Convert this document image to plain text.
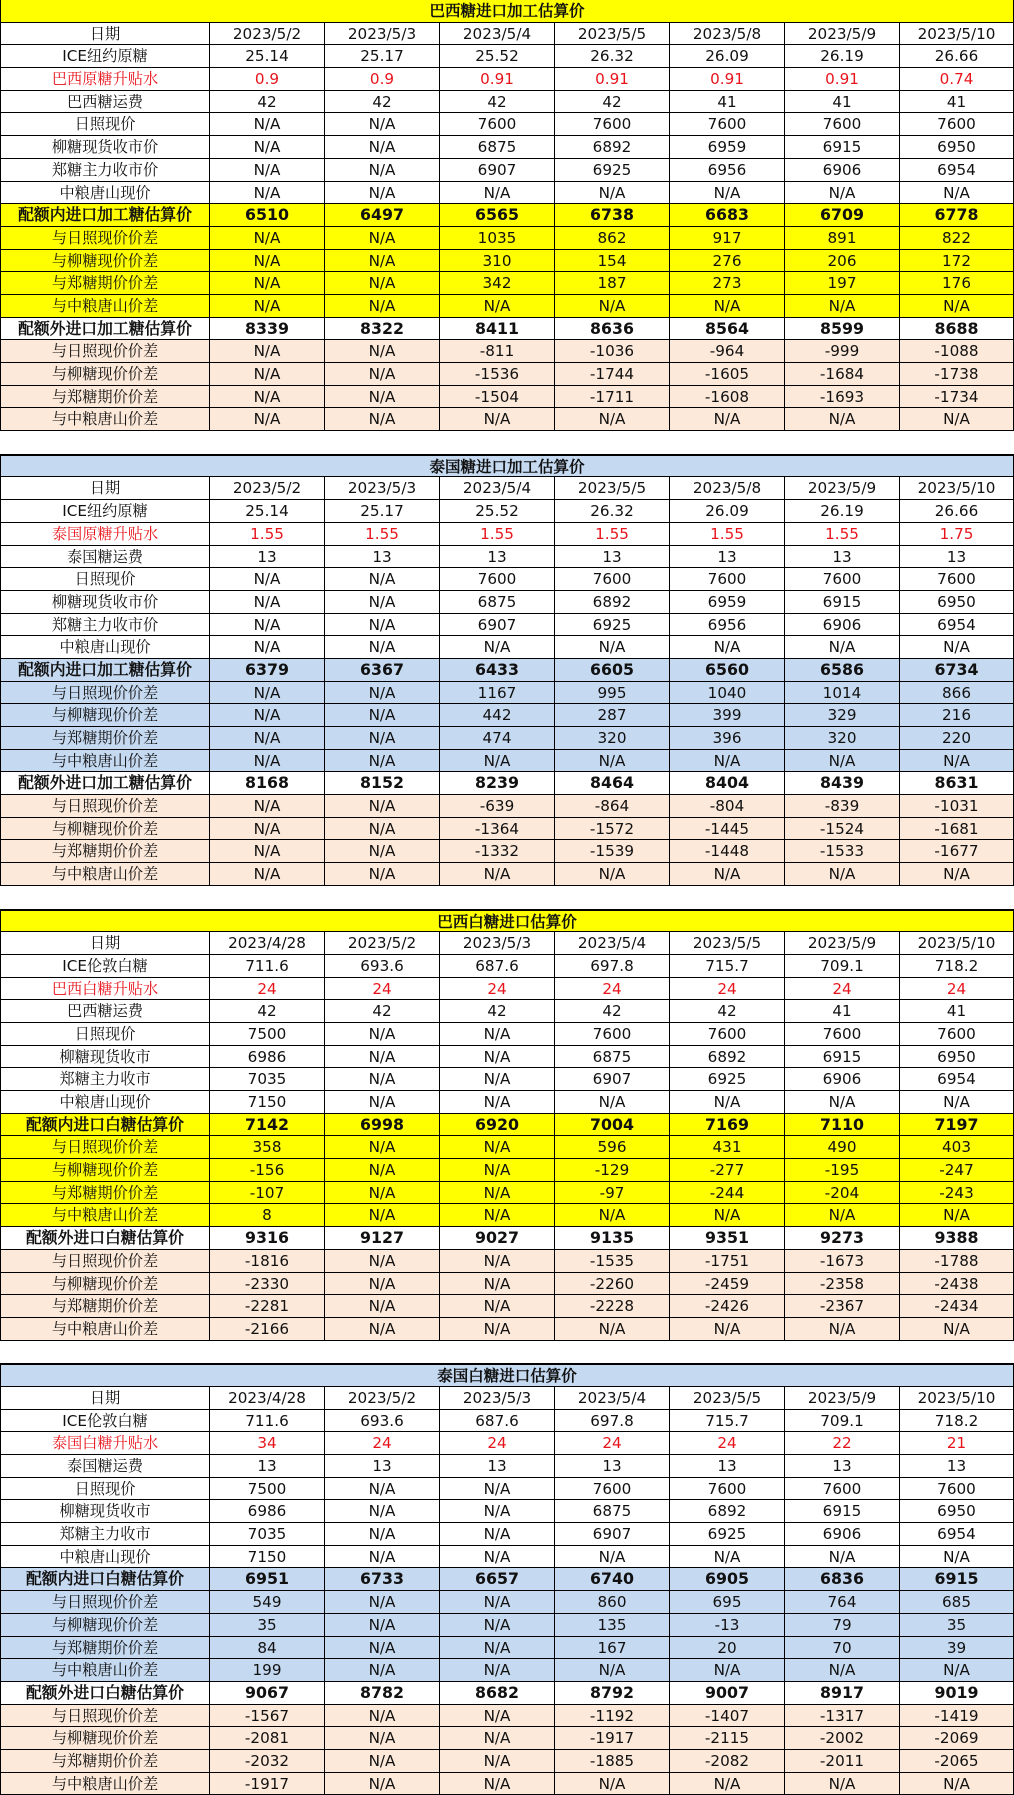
巴西糖进口加工估算价
日期	2023/5/2	2023/5/3	2023/5/4	2023/5/5	2023/5/8	2023/5/9	2023/5/10
ICE纽约原糖	25.14	25.17	25.52	26.32	26.09	26.19	26.66
巴西原糖升贴水	0.9	0.9	0.91	0.91	0.91	0.91	0.74
巴西糖运费	42	42	42	42	41	41	41
日照现价	N/A	N/A	7600	7600	7600	7600	7600
柳糖现货收市价	N/A	N/A	6875	6892	6959	6915	6950
郑糖主力收市价	N/A	N/A	6907	6925	6956	6906	6954
中粮唐山现价	N/A	N/A	N/A	N/A	N/A	N/A	N/A
配额内进口加工糖估算价	6510	6497	6565	6738	6683	6709	6778
与日照现价价差	N/A	N/A	1035	862	917	891	822
与柳糖现价价差	N/A	N/A	310	154	276	206	172
与郑糖期价价差	N/A	N/A	342	187	273	197	176
与中粮唐山价差	N/A	N/A	N/A	N/A	N/A	N/A	N/A
配额外进口加工糖估算价	8339	8322	8411	8636	8564	8599	8688
与日照现价价差	N/A	N/A	-811	-1036	-964	-999	-1088
与柳糖现价价差	N/A	N/A	-1536	-1744	-1605	-1684	-1738
与郑糖期价价差	N/A	N/A	-1504	-1711	-1608	-1693	-1734
与中粮唐山价差	N/A	N/A	N/A	N/A	N/A	N/A	N/A
泰国糖进口加工估算价
日期	2023/5/2	2023/5/3	2023/5/4	2023/5/5	2023/5/8	2023/5/9	2023/5/10
ICE纽约原糖	25.14	25.17	25.52	26.32	26.09	26.19	26.66
泰国原糖升贴水	1.55	1.55	1.55	1.55	1.55	1.55	1.75
泰国糖运费	13	13	13	13	13	13	13
日照现价	N/A	N/A	7600	7600	7600	7600	7600
柳糖现货收市价	N/A	N/A	6875	6892	6959	6915	6950
郑糖主力收市价	N/A	N/A	6907	6925	6956	6906	6954
中粮唐山现价	N/A	N/A	N/A	N/A	N/A	N/A	N/A
配额内进口加工糖估算价	6379	6367	6433	6605	6560	6586	6734
与日照现价价差	N/A	N/A	1167	995	1040	1014	866
与柳糖现价价差	N/A	N/A	442	287	399	329	216
与郑糖期价价差	N/A	N/A	474	320	396	320	220
与中粮唐山价差	N/A	N/A	N/A	N/A	N/A	N/A	N/A
配额外进口加工糖估算价	8168	8152	8239	8464	8404	8439	8631
与日照现价价差	N/A	N/A	-639	-864	-804	-839	-1031
与柳糖现价价差	N/A	N/A	-1364	-1572	-1445	-1524	-1681
与郑糖期价价差	N/A	N/A	-1332	-1539	-1448	-1533	-1677
与中粮唐山价差	N/A	N/A	N/A	N/A	N/A	N/A	N/A
巴西白糖进口估算价
日期	2023/4/28	2023/5/2	2023/5/3	2023/5/4	2023/5/5	2023/5/9	2023/5/10
ICE伦敦白糖	711.6	693.6	687.6	697.8	715.7	709.1	718.2
巴西白糖升贴水	24	24	24	24	24	24	24
巴西糖运费	42	42	42	42	42	41	41
日照现价	7500	N/A	N/A	7600	7600	7600	7600
柳糖现货收市	6986	N/A	N/A	6875	6892	6915	6950
郑糖主力收市	7035	N/A	N/A	6907	6925	6906	6954
中粮唐山现价	7150	N/A	N/A	N/A	N/A	N/A	N/A
配额内进口白糖估算价	7142	6998	6920	7004	7169	7110	7197
与日照现价价差	358	N/A	N/A	596	431	490	403
与柳糖现价价差	-156	N/A	N/A	-129	-277	-195	-247
与郑糖期价价差	-107	N/A	N/A	-97	-244	-204	-243
与中粮唐山价差	8	N/A	N/A	N/A	N/A	N/A	N/A
配额外进口白糖估算价	9316	9127	9027	9135	9351	9273	9388
与日照现价价差	-1816	N/A	N/A	-1535	-1751	-1673	-1788
与柳糖现价价差	-2330	N/A	N/A	-2260	-2459	-2358	-2438
与郑糖期价价差	-2281	N/A	N/A	-2228	-2426	-2367	-2434
与中粮唐山价差	-2166	N/A	N/A	N/A	N/A	N/A	N/A
泰国白糖进口估算价
日期	2023/4/28	2023/5/2	2023/5/3	2023/5/4	2023/5/5	2023/5/9	2023/5/10
ICE伦敦白糖	711.6	693.6	687.6	697.8	715.7	709.1	718.2
泰国白糖升贴水	34	24	24	24	24	22	21
泰国糖运费	13	13	13	13	13	13	13
日照现价	7500	N/A	N/A	7600	7600	7600	7600
柳糖现货收市	6986	N/A	N/A	6875	6892	6915	6950
郑糖主力收市	7035	N/A	N/A	6907	6925	6906	6954
中粮唐山现价	7150	N/A	N/A	N/A	N/A	N/A	N/A
配额内进口白糖估算价	6951	6733	6657	6740	6905	6836	6915
与日照现价价差	549	N/A	N/A	860	695	764	685
与柳糖现价价差	35	N/A	N/A	135	-13	79	35
与郑糖期价价差	84	N/A	N/A	167	20	70	39
与中粮唐山价差	199	N/A	N/A	N/A	N/A	N/A	N/A
配额外进口白糖估算价	9067	8782	8682	8792	9007	8917	9019
与日照现价价差	-1567	N/A	N/A	-1192	-1407	-1317	-1419
与柳糖现价价差	-2081	N/A	N/A	-1917	-2115	-2002	-2069
与郑糖期价价差	-2032	N/A	N/A	-1885	-2082	-2011	-2065
与中粮唐山价差	-1917	N/A	N/A	N/A	N/A	N/A	N/A
